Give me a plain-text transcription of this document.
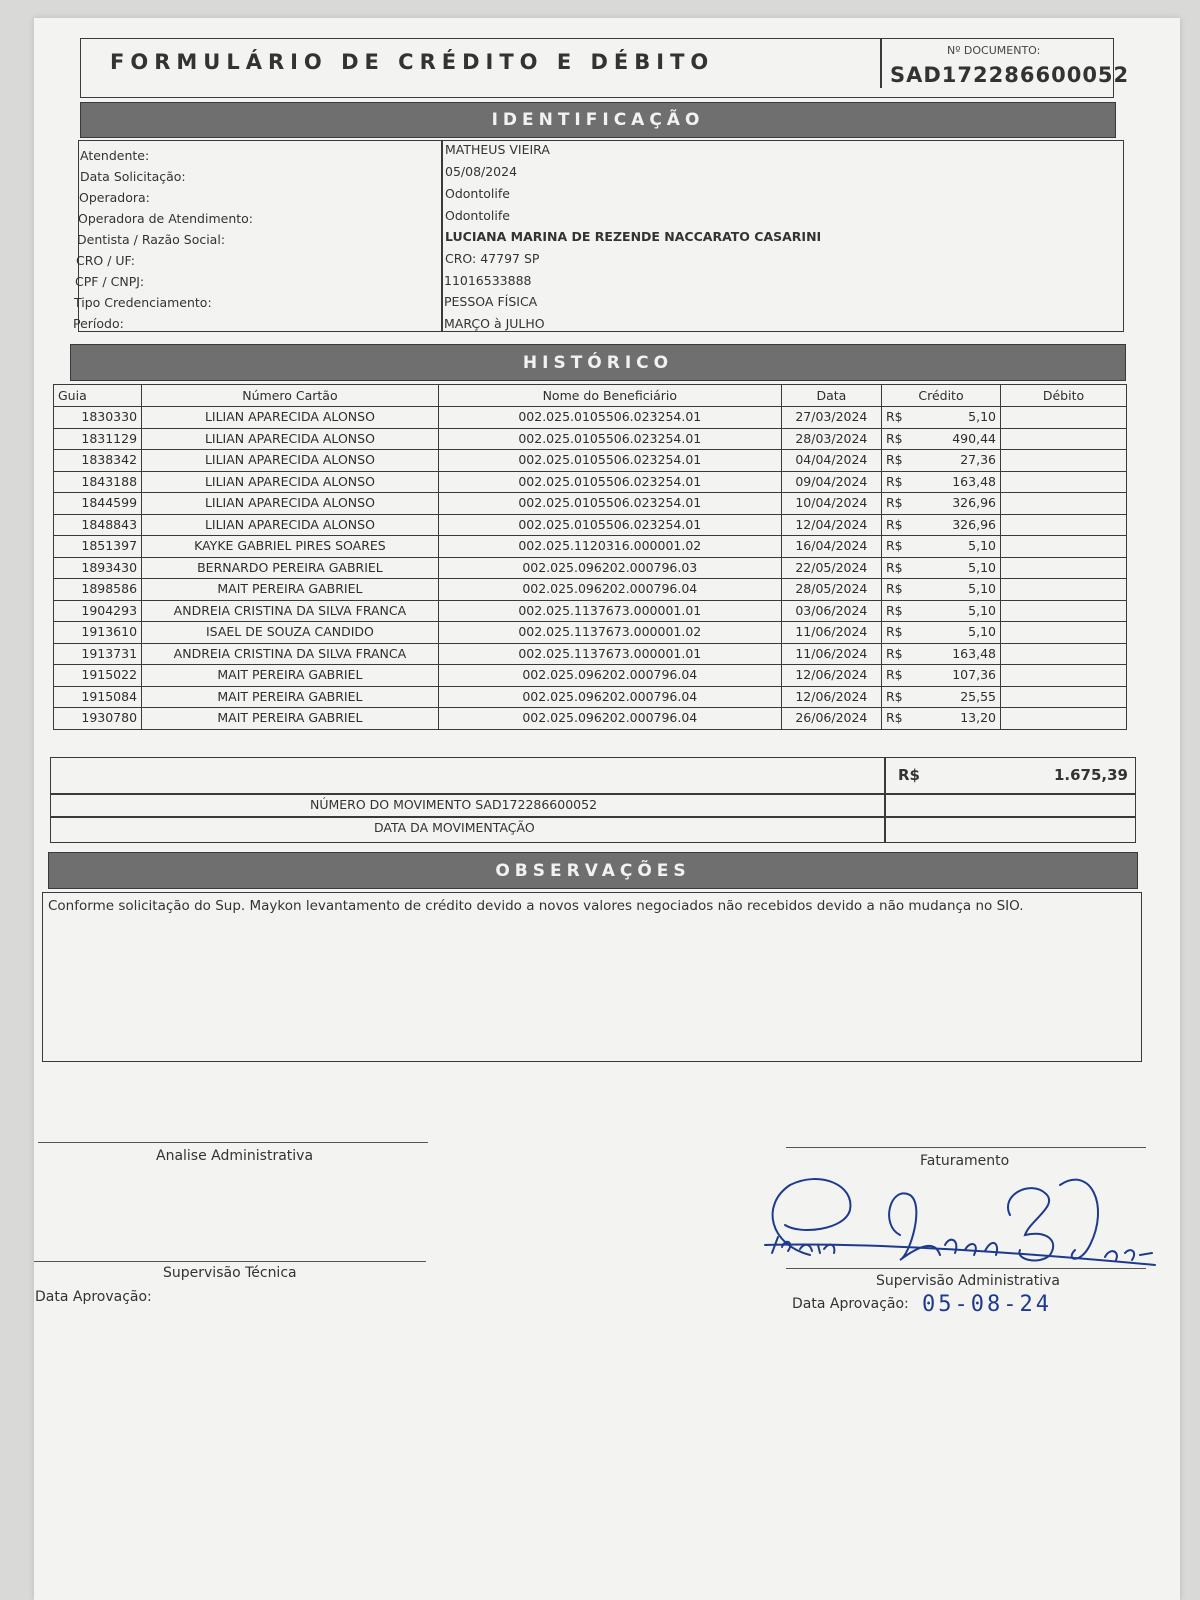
FORMULÁRIO DE CRÉDITO E DÉBITO	Nº DOCUMENTO:
SAD172286600052
IDENTIFICAÇÃO
Atendente:	MATHEUS VIEIRA
Data Solicitação:	05/08/2024
Operadora:	Odontolife
Operadora de Atendimento:	Odontolife
Dentista / Razão Social:	LUCIANA MARINA DE REZENDE NACCARATO CASARINI
CRO / UF:	CRO: 47797 SP
CPF / CNPJ:	11016533888
Tipo Credenciamento:	PESSOA FÍSICA
Período:	MARÇO à JULHO
HISTÓRICO
Guia	Número Cartão	Nome do Beneficiário	Data	Crédito	Débito
1830330	LILIAN APARECIDA ALONSO	002.025.0105506.023254.01	27/03/2024	R$ 5,10	

1831129	LILIAN APARECIDA ALONSO	002.025.0105506.023254.01	28/03/2024	R$ 490,44	

1838342	LILIAN APARECIDA ALONSO	002.025.0105506.023254.01	04/04/2024	R$ 27,36	

1843188	LILIAN APARECIDA ALONSO	002.025.0105506.023254.01	09/04/2024	R$ 163,48	

1844599	LILIAN APARECIDA ALONSO	002.025.0105506.023254.01	10/04/2024	R$ 326,96	

1848843	LILIAN APARECIDA ALONSO	002.025.0105506.023254.01	12/04/2024	R$ 326,96	

1851397	KAYKE GABRIEL PIRES SOARES	002.025.1120316.000001.02	16/04/2024	R$ 5,10	

1893430	BERNARDO PEREIRA GABRIEL	002.025.096202.000796.03	22/05/2024	R$ 5,10	

1898586	MAIT PEREIRA GABRIEL	002.025.096202.000796.04	28/05/2024	R$ 5,10	

1904293	ANDREIA CRISTINA DA SILVA FRANCA	002.025.1137673.000001.01	03/06/2024	R$ 5,10	

1913610	ISAEL DE SOUZA CANDIDO	002.025.1137673.000001.02	11/06/2024	R$ 5,10	

1913731	ANDREIA CRISTINA DA SILVA FRANCA	002.025.1137673.000001.01	11/06/2024	R$ 163,48	

1915022	MAIT PEREIRA GABRIEL	002.025.096202.000796.04	12/06/2024	R$ 107,36	

1915084	MAIT PEREIRA GABRIEL	002.025.096202.000796.04	12/06/2024	R$ 25,55	

1930780	MAIT PEREIRA GABRIEL	002.025.096202.000796.04	26/06/2024	R$ 13,20	

R$	1.675,39
NÚMERO DO MOVIMENTO SAD172286600052
DATA DA MOVIMENTAÇÃO
OBSERVAÇÕES
Conforme solicitação do Sup. Maykon levantamento de crédito devido a novos valores negociados não recebidos devido a não mudança no SIO.
Analise Administrativa	Faturamento
Supervisão Técnica
Data Aprovação:
Supervisão Administrativa
Data Aprovação: 05-08-24
